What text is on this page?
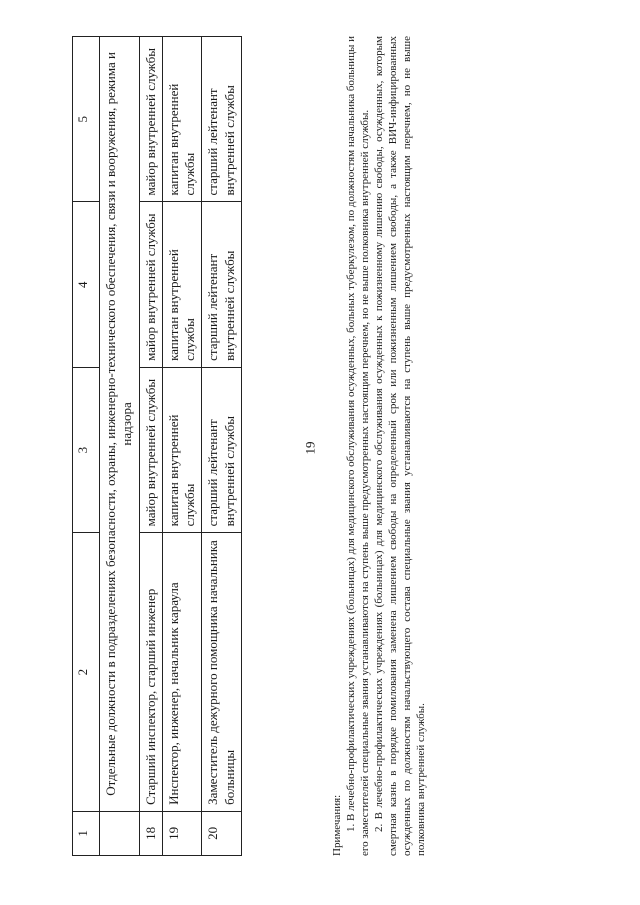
19
1	2	3	4	5
	Отдельные должности в подразделениях безопасности, охраны, инженерно-технического обеспечения, связи и вооружения, режима и надзора			
18	Старший инспектор, старший инженер	майор внутренней службы	майор внутренней службы	майор внутренней службы
19	Инспектор, инженер, начальник караула	капитан внутренней службы	капитан внутренней службы	капитан внутренней службы
20	Заместитель дежурного помощника начальника больницы	старший лейтенант внутренней службы	старший лейтенант внутренней службы	старший лейтенант внутренней службы

Примечания: 1. В лечебно-профилактических учреждениях (больницах) для медицинского обслуживания осужденных, больных туберкулезом, по должностям начальника больницы и его заместителей специальные звания устанавливаются на ступень выше предусмотренных настоящим перечнем, но не выше полковника внутренней службы. 2. В лечебно-профилактических учреждениях (больницах) для медицинского обслуживания осужденных к пожизненному лишению свободы, осужденных, которым смертная казнь в порядке помилования заменена лишением свободы на определенный срок или пожизненным лишением свободы, а также ВИЧ-инфицированных осужденных по должностям начальствующего состава специальные звания устанавливаются на ступень выше предусмотренных настоящим перечнем, но не выше полковника внутренней службы.
